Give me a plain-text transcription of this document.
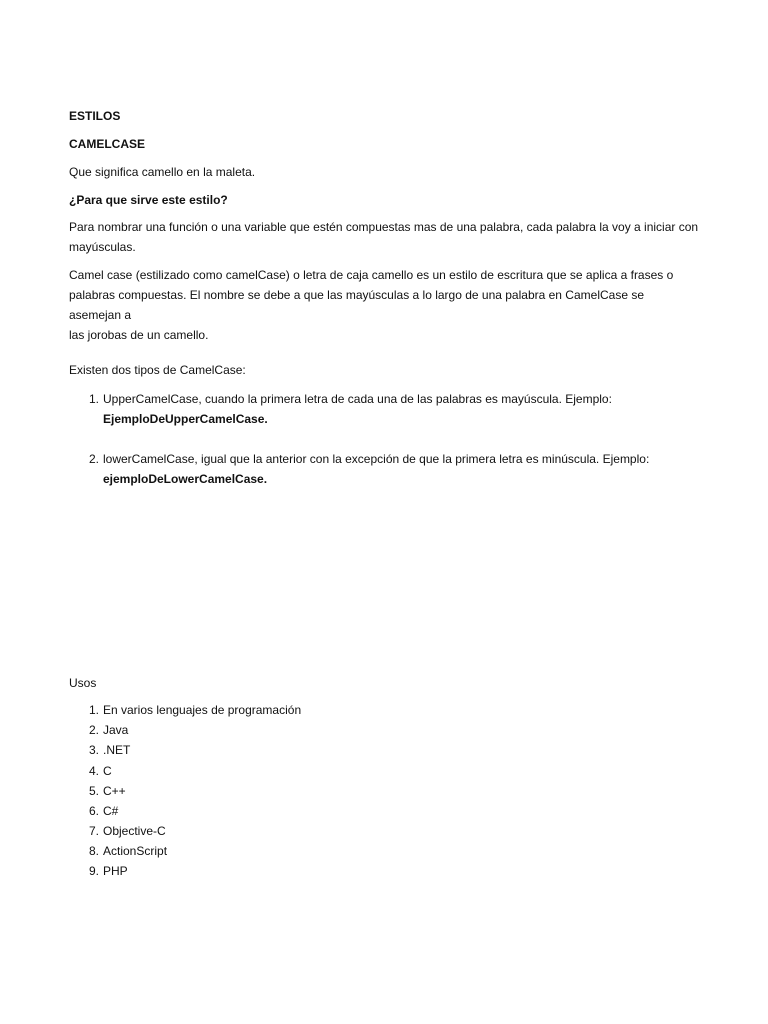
ESTILOS
CAMELCASE
Que significa camello en la maleta.
¿Para que sirve este estilo?
Para nombrar una función o una variable que estén compuestas mas de una palabra, cada palabra la voy a iniciar con
mayúsculas.
Camel case (estilizado como camelCase) o letra de caja camello es un estilo de escritura que se aplica a frases o
palabras compuestas. El nombre se debe a que las mayúsculas a lo largo de una palabra en CamelCase se asemejan a
las jorobas de un camello.
Existen dos tipos de CamelCase:
1. UpperCamelCase, cuando la primera letra de cada una de las palabras es mayúscula. Ejemplo:
EjemploDeUpperCamelCase.
2. lowerCamelCase, igual que la anterior con la excepción de que la primera letra es minúscula. Ejemplo:
ejemploDeLowerCamelCase.
Usos
1. En varios lenguajes de programación
2. Java
3. .NET
4. C
5. C++
6. C#
7. Objective-C
8. ActionScript
9. PHP
